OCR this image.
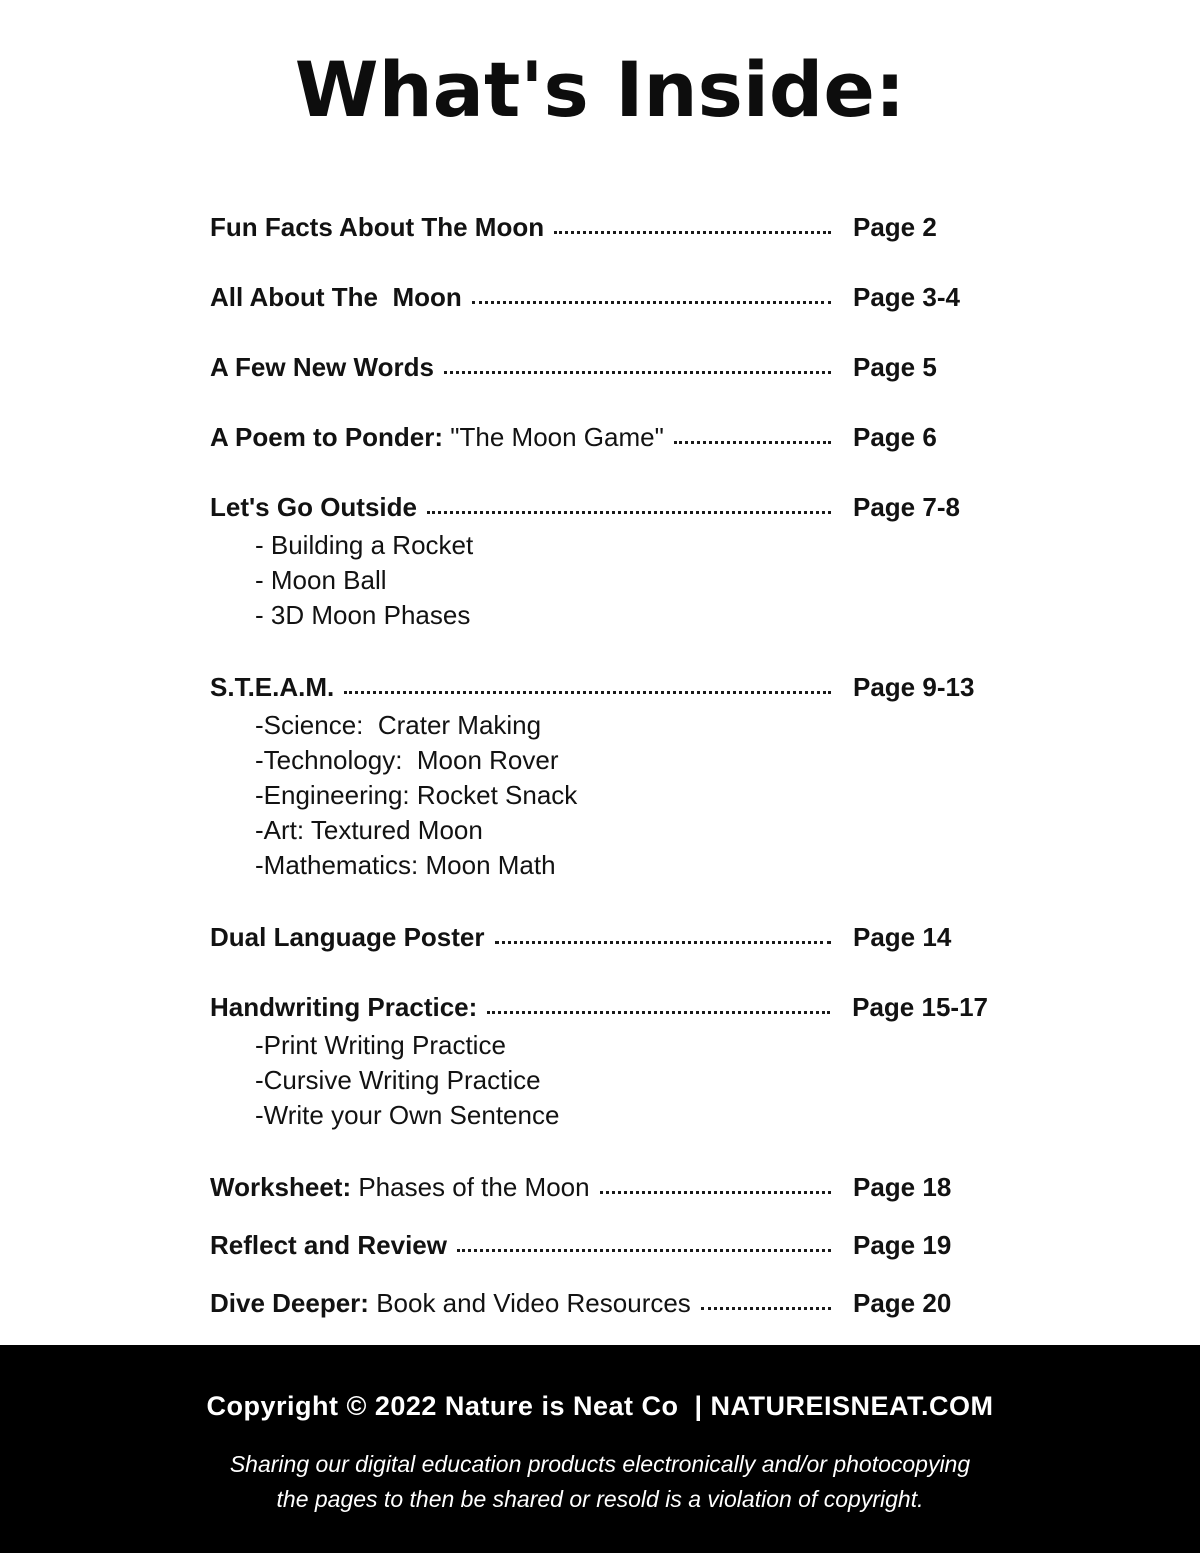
What's Inside:
Fun Facts About The Moon	Page 2
All About The  Moon	Page 3-4
A Few New Words	Page 5
A Poem to Ponder: "The Moon Game"	Page 6
Let's Go Outside	Page 7-8
- Building a Rocket
- Moon Ball
- 3D Moon Phases
S.T.E.A.M.	Page 9-13
-Science:  Crater Making
-Technology:  Moon Rover
-Engineering: Rocket Snack
-Art: Textured Moon
-Mathematics: Moon Math
Dual Language Poster	Page 14
Handwriting Practice:	Page 15-17
-Print Writing Practice
-Cursive Writing Practice
-Write your Own Sentence
Worksheet: Phases of the Moon	Page 18
Reflect and Review	Page 19
Dive Deeper: Book and Video Resources	Page 20
Copyright © 2022 Nature is Neat Co  | NATUREISNEAT.COM
Sharing our digital education products electronically and/or photocopying
the pages to then be shared or resold is a violation of copyright.
